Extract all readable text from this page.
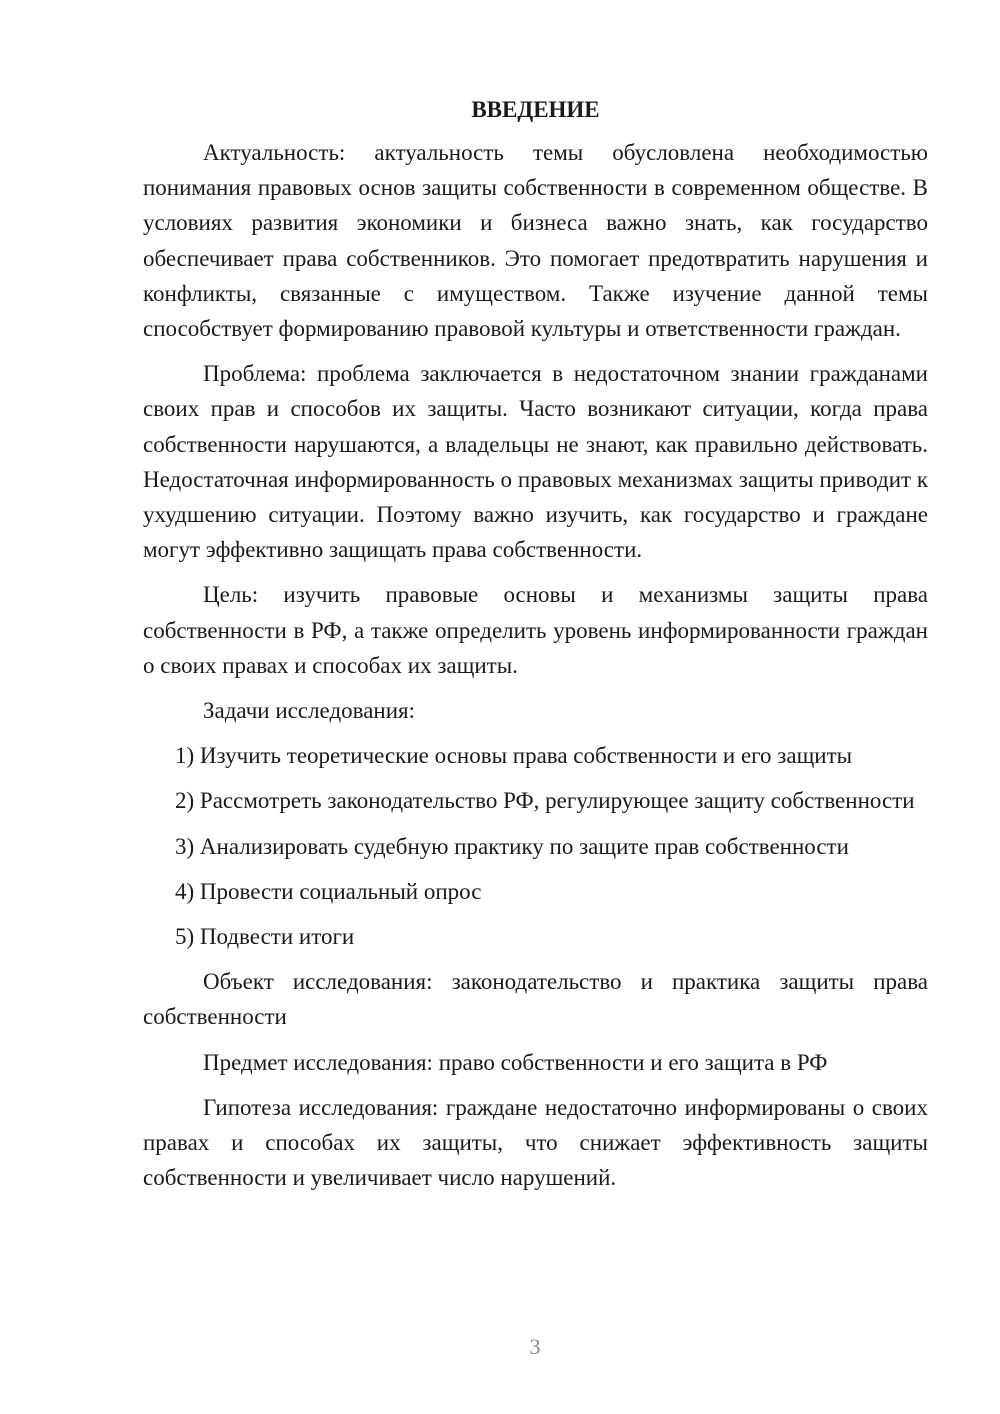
ВВЕДЕНИЕ

Актуальность: актуальность темы обусловлена необходимостью понимания правовых основ защиты собственности в современном обществе. В условиях развития экономики и бизнеса важно знать, как государство обеспечивает права собственников. Это помогает предотвратить нарушения и конфликты, связанные с имуществом. Также изучение данной темы способствует формированию правовой культуры и ответственности граждан.

Проблема: проблема заключается в недостаточном знании гражданами своих прав и способов их защиты. Часто возникают ситуации, когда права собственности нарушаются, а владельцы не знают, как правильно действовать. Недостаточная информированность о правовых механизмах защиты приводит к ухудшению ситуации. Поэтому важно изучить, как государство и граждане могут эффективно защищать права собственности.

Цель: изучить правовые основы и механизмы защиты права собственности в РФ, а также определить уровень информированности граждан о своих правах и способах их защиты.

Задачи исследования:

1) Изучить теоретические основы права собственности и его защиты

2) Рассмотреть законодательство РФ, регулирующее защиту собственности

3) Анализировать судебную практику по защите прав собственности

4) Провести социальный опрос

5) Подвести итоги

Объект исследования: законодательство и практика защиты права собственности

Предмет исследования: право собственности и его защита в РФ

Гипотеза исследования: граждане недостаточно информированы о своих правах и способах их защиты, что снижает эффективность защиты собственности и увеличивает число нарушений.

3
